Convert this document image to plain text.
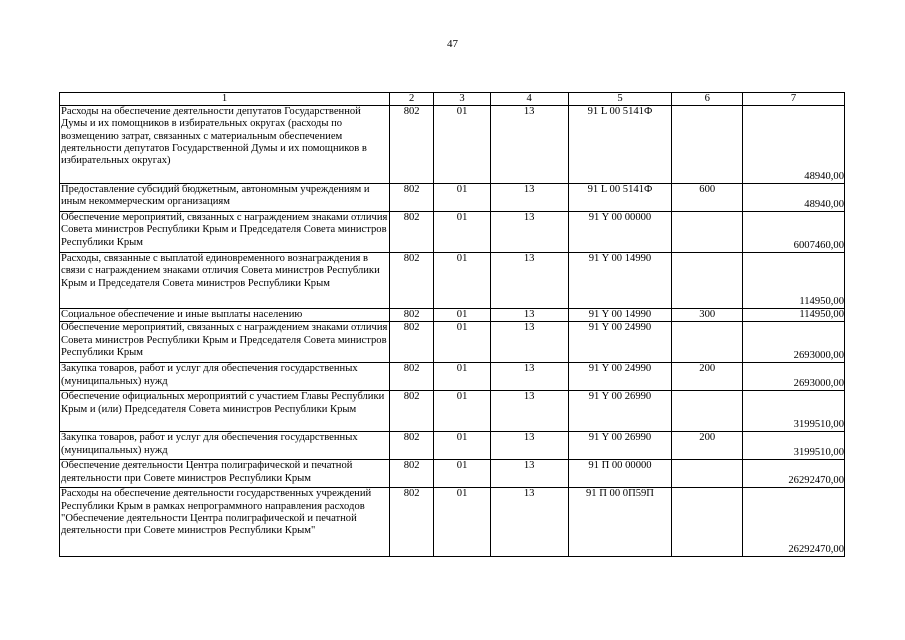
47
1	2	3	4	5	6	7
Расходы на обеспечение деятельности депутатов Государственной Думы и их помощников в избирательных округах (расходы по возмещению затрат, связанных с материальным обеспечением деятельности депутатов Государственной Думы и их помощников в избирательных округах)	802	01	13	91 L 00 5141Ф		48940,00
Предоставление субсидий бюджетным, автономным учреждениям и иным некоммерческим организациям	802	01	13	91 L 00 5141Ф	600	48940,00
Обеспечение мероприятий, связанных с награждением знаками отличия Совета министров Республики Крым и Председателя Совета министров Республики Крым	802	01	13	91 Y 00 00000		6007460,00
Расходы, связанные с выплатой единовременного вознаграждения в связи с награждением знаками отличия Совета министров Республики Крым и Председателя Совета министров Республики Крым	802	01	13	91 Y 00 14990		114950,00
Социальное обеспечение и иные выплаты населению	802	01	13	91 Y 00 14990	300	114950,00
Обеспечение мероприятий, связанных с награждением знаками отличия Совета министров Республики Крым и Председателя Совета министров Республики Крым	802	01	13	91 Y 00 24990		2693000,00
Закупка товаров, работ и услуг для обеспечения государственных (муниципальных) нужд	802	01	13	91 Y 00 24990	200	2693000,00
Обеспечение официальных мероприятий с участием Главы Республики Крым и (или) Председателя Совета министров Республики Крым	802	01	13	91 Y 00 26990		3199510,00
Закупка товаров, работ и услуг для обеспечения государственных (муниципальных) нужд	802	01	13	91 Y 00 26990	200	3199510,00
Обеспечение деятельности Центра полиграфической и печатной деятельности при Совете министров Республики Крым	802	01	13	91 П 00 00000		26292470,00
Расходы на обеспечение деятельности государственных учреждений Республики Крым в рамках непрограммного направления расходов "Обеспечение деятельности Центра полиграфической и печатной деятельности при Совете министров Республики Крым"	802	01	13	91 П 00 0П59П		26292470,00
